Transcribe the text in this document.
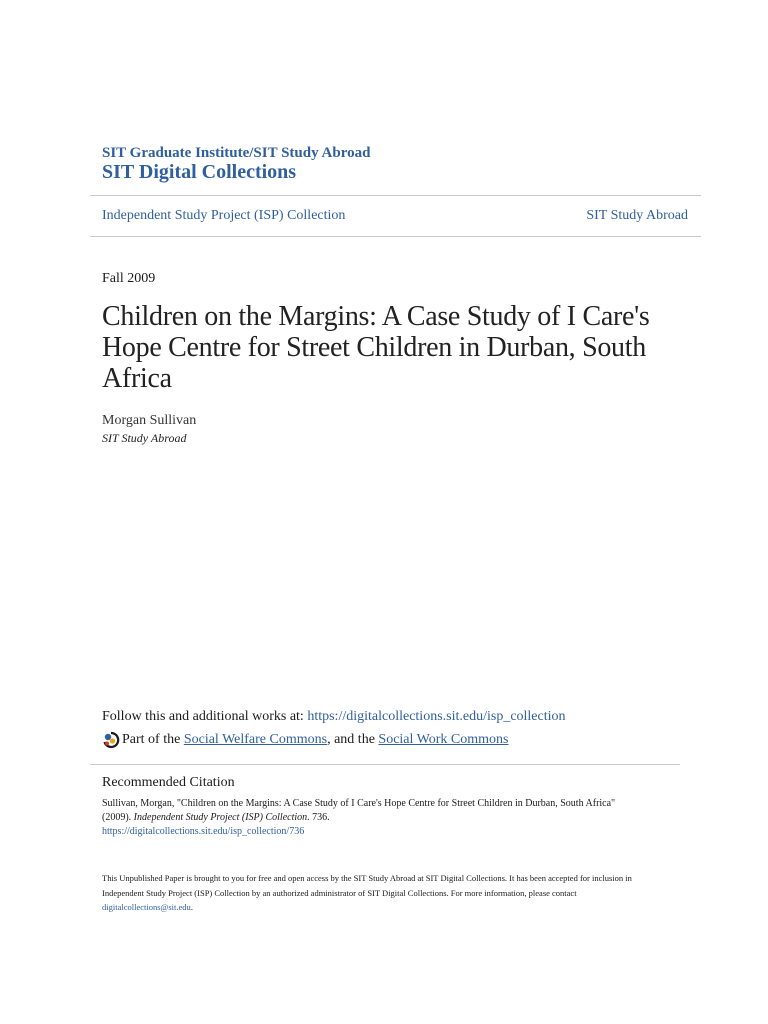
SIT Graduate Institute/SIT Study Abroad
SIT Digital Collections
Independent Study Project (ISP) Collection	SIT Study Abroad
Fall 2009
Children on the Margins: A Case Study of I Care's Hope Centre for Street Children in Durban, South Africa
Morgan Sullivan
SIT Study Abroad
Follow this and additional works at: https://digitalcollections.sit.edu/isp_collection
Part of the
Social Welfare Commons , and the Social Work Commons
Recommended Citation
Sullivan, Morgan, "Children on the Margins: A Case Study of I Care's Hope Centre for Street Children in Durban, South Africa"
(2009). Independent Study Project (ISP) Collection. 736.
https://digitalcollections.sit.edu/isp_collection/736
This Unpublished Paper is brought to you for free and open access by the SIT Study Abroad at SIT Digital Collections. It has been accepted for inclusion in Independent Study Project (ISP) Collection by an authorized administrator of SIT Digital Collections. For more information, please contact digitalcollections@sit.edu.
